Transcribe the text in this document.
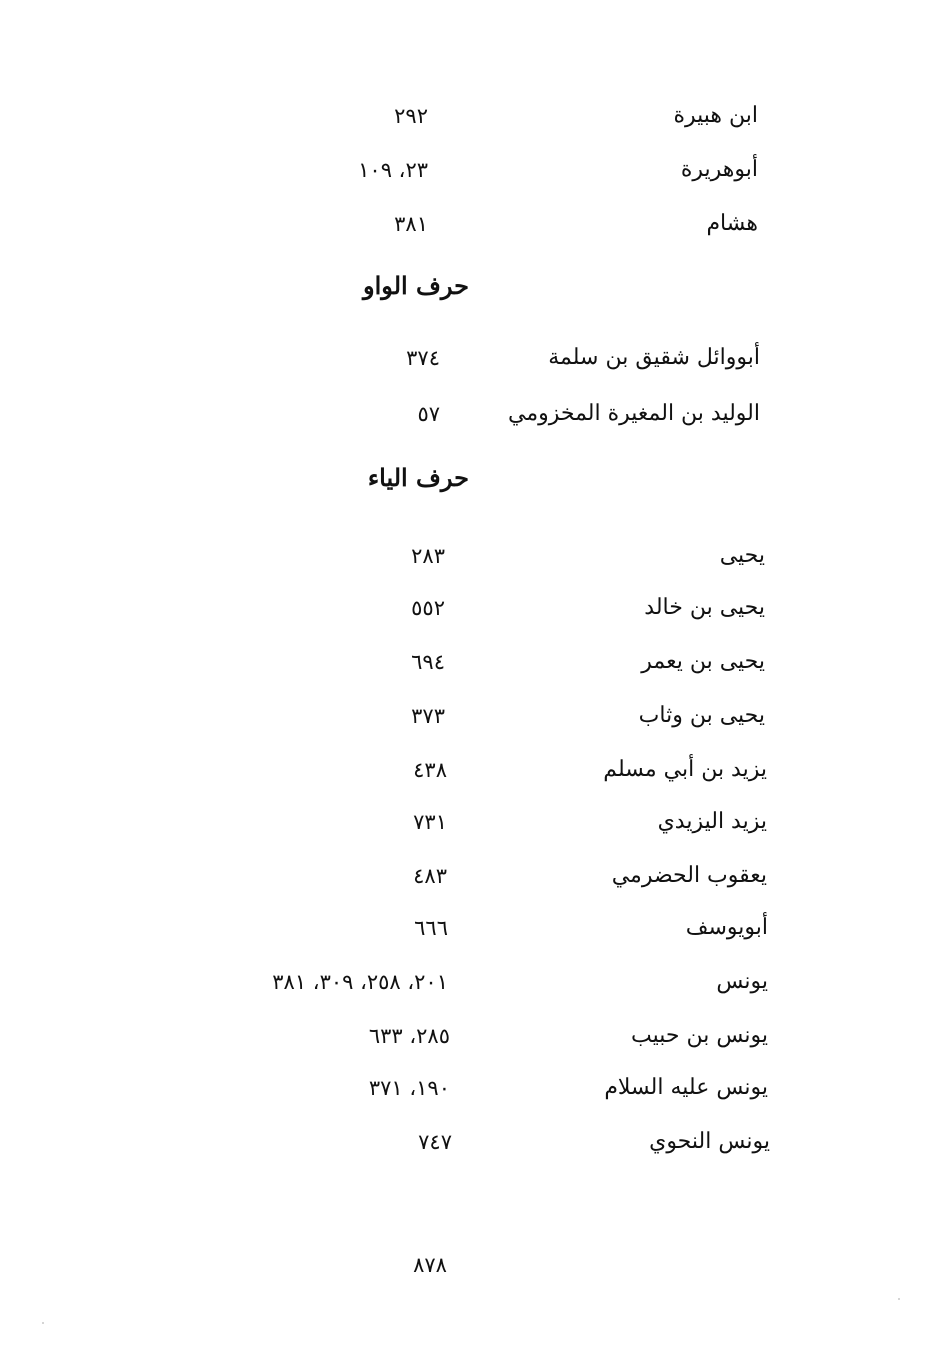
ابن هبيرة
٢٩٢
أبوهريرة
٢٣، ١٠٩
هشام
٣٨١
حرف الواو
أبووائل شقيق بن سلمة
٣٧٤
الوليد بن المغيرة المخزومي
٥٧
حرف الياء
يحيى
٢٨٣
يحيى بن خالد
٥٥٢
يحيى بن يعمر
٦٩٤
يحيى بن وثاب
٣٧٣
يزيد بن أبي مسلم
٤٣٨
يزيد اليزيدي
٧٣١
يعقوب الحضرمي
٤٨٣
أبويوسف
٦٦٦
يونس
٢٠١، ٢٥٨، ٣٠٩، ٣٨١
يونس بن حبيب
٢٨٥، ٦٣٣
يونس عليه السلام
١٩٠، ٣٧١
يونس النحوي
٧٤٧
٨٧٨
